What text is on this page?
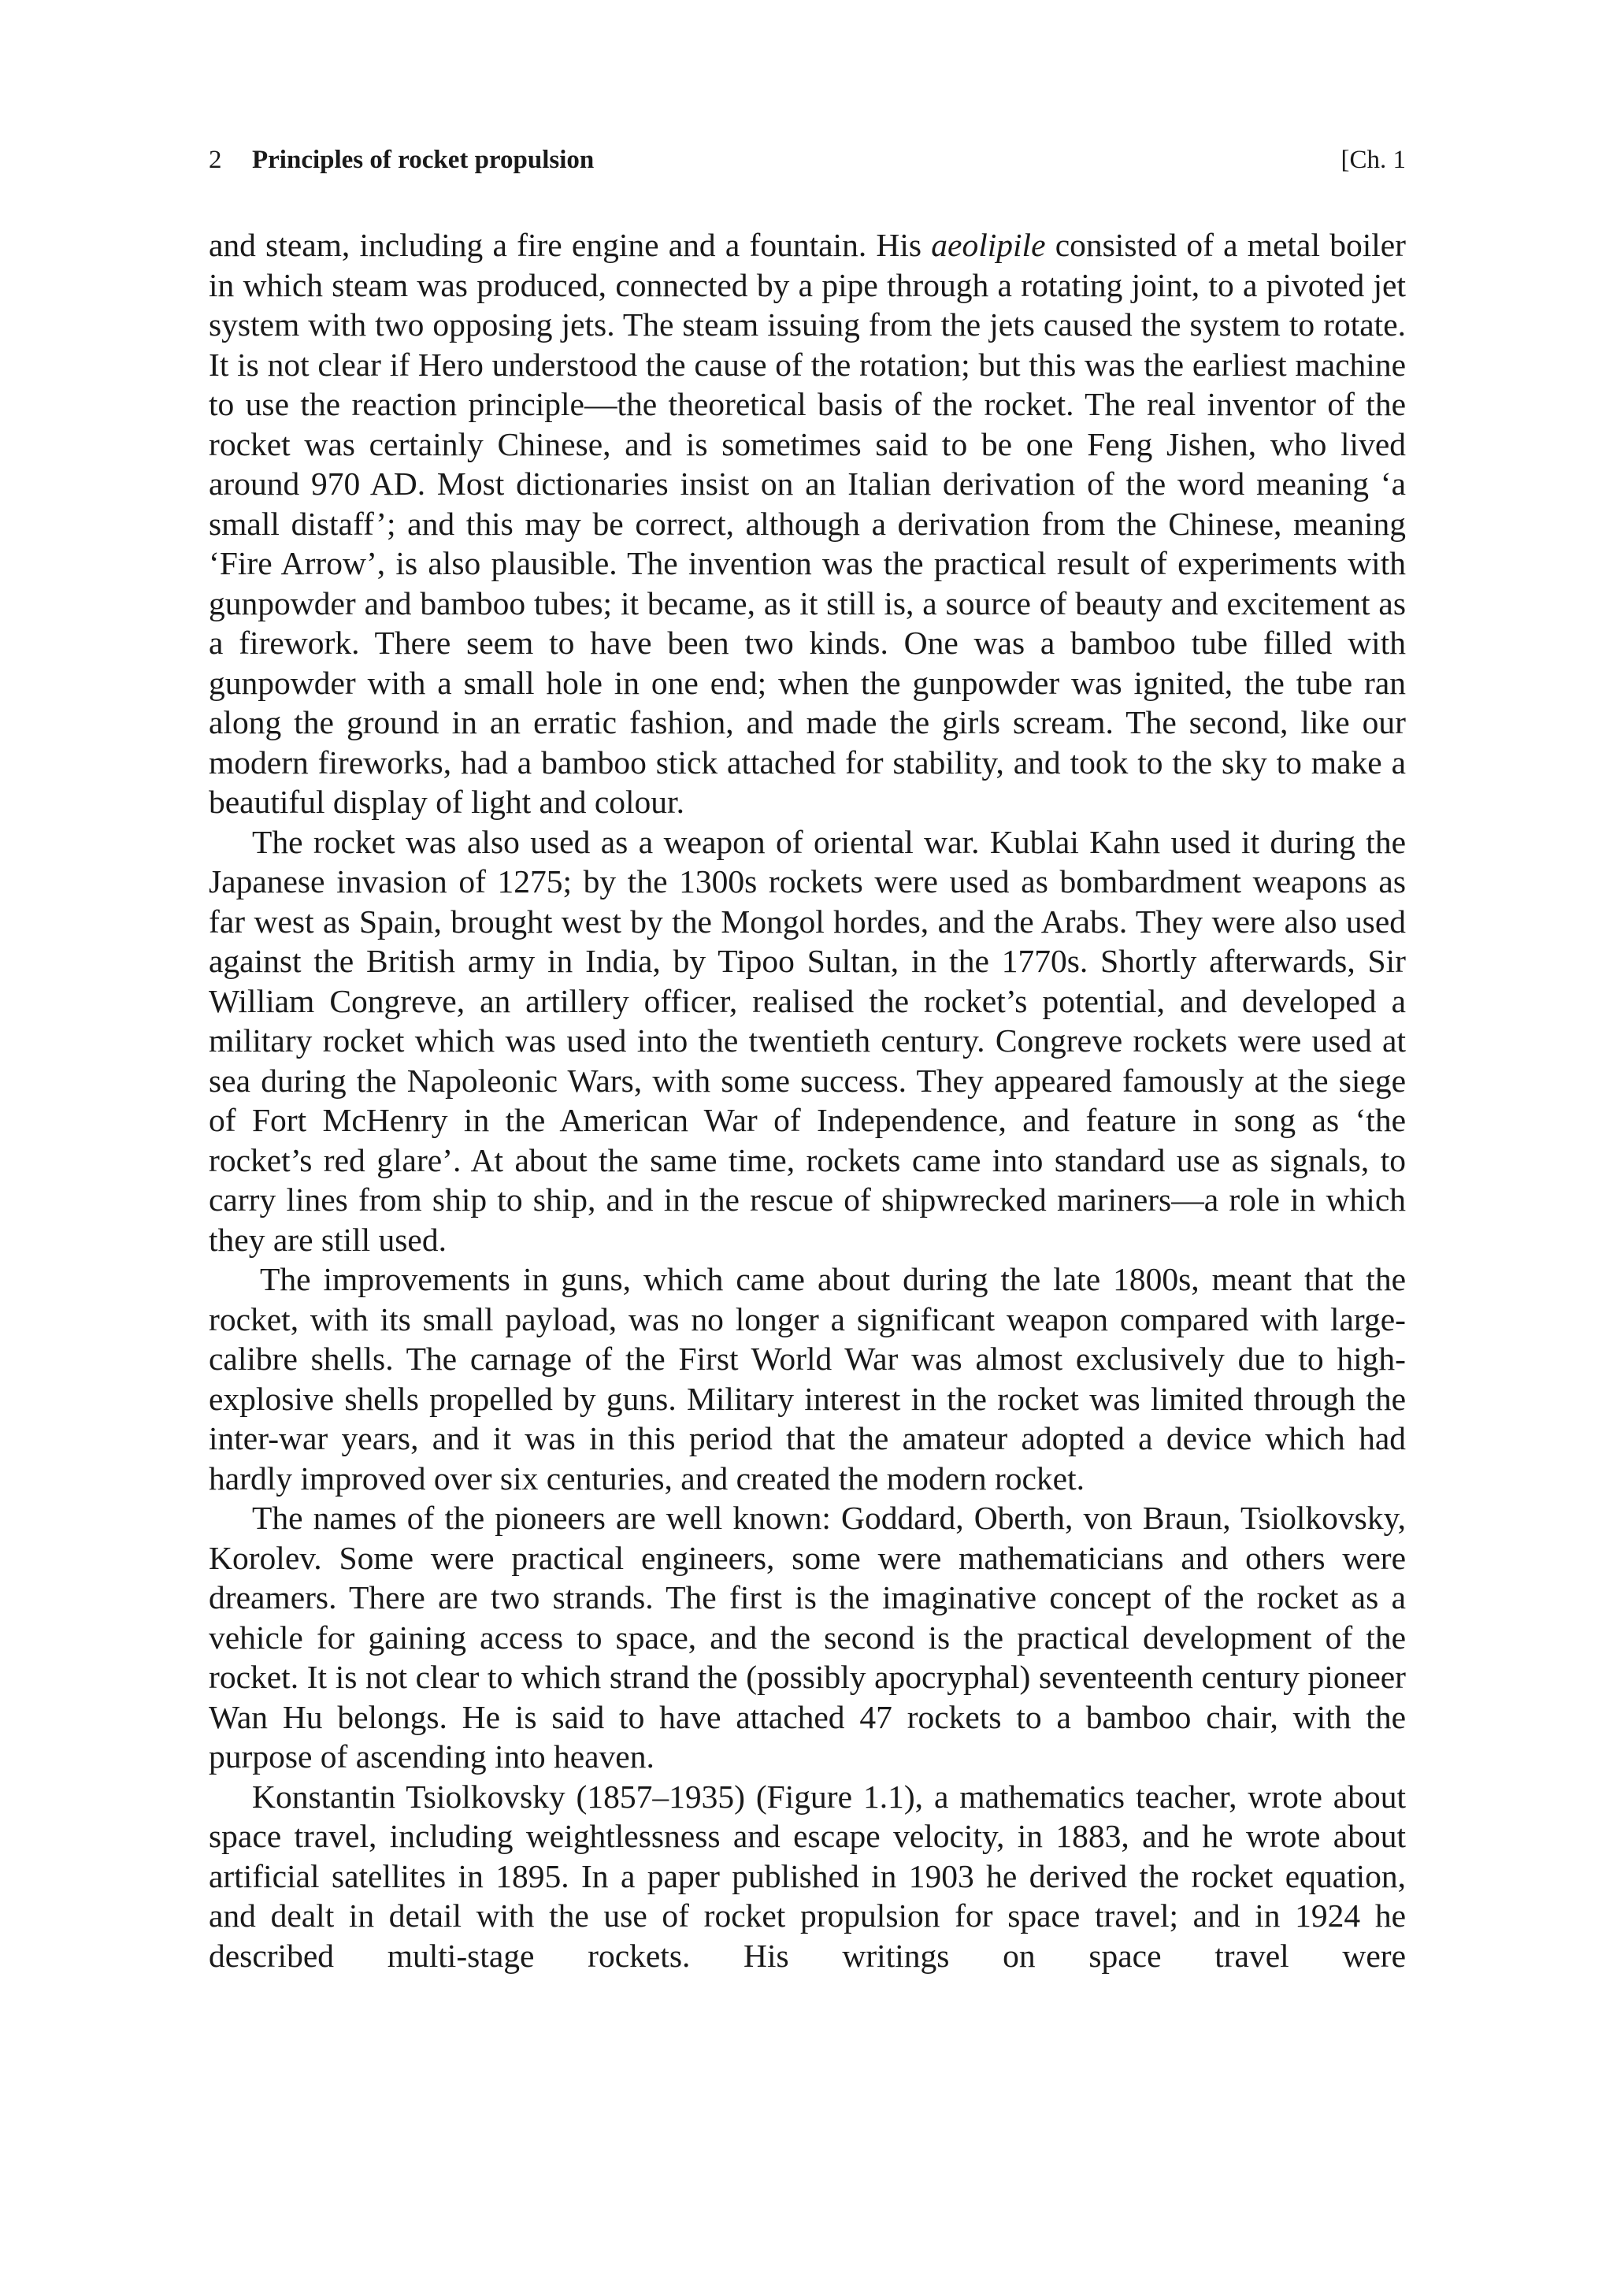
2 Principles of rocket propulsion	[Ch. 1

and steam, including a fire engine and a fountain. His aeolipile consisted of a metal boiler in which steam was produced, connected by a pipe through a rotating joint, to a pivoted jet system with two opposing jets. The steam issuing from the jets caused the system to rotate. It is not clear if Hero understood the cause of the rotation; but this was the earliest machine to use the reaction principle—the theoretical basis of the rocket. The real inventor of the rocket was certainly Chinese, and is sometimes said to be one Feng Jishen, who lived around 970 AD. Most dictionaries insist on an Italian derivation of the word meaning ‘a small distaff’; and this may be correct, although a derivation from the Chinese, meaning ‘Fire Arrow’, is also plausible. The invention was the practical result of experiments with gunpowder and bamboo tubes; it became, as it still is, a source of beauty and excitement as a firework. There seem to have been two kinds. One was a bamboo tube filled with gunpowder with a small hole in one end; when the gunpowder was ignited, the tube ran along the ground in an erratic fashion, and made the girls scream. The second, like our modern fireworks, had a bamboo stick attached for stability, and took to the sky to make a beautiful display of light and colour.

The rocket was also used as a weapon of oriental war. Kublai Kahn used it during the Japanese invasion of 1275; by the 1300s rockets were used as bombardment weapons as far west as Spain, brought west by the Mongol hordes, and the Arabs. They were also used against the British army in India, by Tipoo Sultan, in the 1770s. Shortly afterwards, Sir William Congreve, an artillery officer, realised the rocket’s potential, and developed a military rocket which was used into the twentieth century. Congreve rockets were used at sea during the Napoleonic Wars, with some success. They appeared famously at the siege of Fort McHenry in the American War of Independence, and feature in song as ‘the rocket’s red glare’. At about the same time, rockets came into standard use as signals, to carry lines from ship to ship, and in the rescue of shipwrecked mariners—a role in which they are still used.

The improvements in guns, which came about during the late 1800s, meant that the rocket, with its small payload, was no longer a significant weapon compared with large-calibre shells. The carnage of the First World War was almost exclusively due to high-explosive shells propelled by guns. Military interest in the rocket was limited through the inter-war years, and it was in this period that the amateur adopted a device which had hardly improved over six centuries, and created the modern rocket.

The names of the pioneers are well known: Goddard, Oberth, von Braun, Tsiolkovsky, Korolev. Some were practical engineers, some were mathematicians and others were dreamers. There are two strands. The first is the imaginative concept of the rocket as a vehicle for gaining access to space, and the second is the practical development of the rocket. It is not clear to which strand the (possibly apocryphal) seventeenth century pioneer Wan Hu belongs. He is said to have attached 47 rockets to a bamboo chair, with the purpose of ascending into heaven.

Konstantin Tsiolkovsky (1857–1935) (Figure 1.1), a mathematics teacher, wrote about space travel, including weightlessness and escape velocity, in 1883, and he wrote about artificial satellites in 1895. In a paper published in 1903 he derived the rocket equation, and dealt in detail with the use of rocket propulsion for space travel; and in 1924 he described multi-stage rockets. His writings on space travel were
